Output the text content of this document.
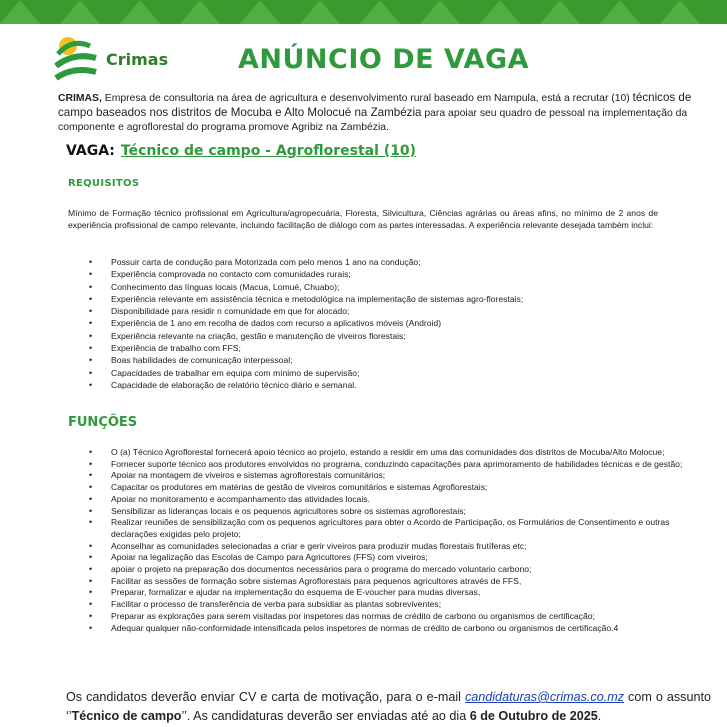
Crimas	ANÚNCIO DE VAGA
CRIMAS, Empresa de consultoria na área de agricultura e desenvolvimento rural baseado em Nampula, está a recrutar (10) técnicos de campo baseados nos distritos de Mocuba e Alto Molocué na Zambézia para apoiar seu quadro de pessoal na implementação da componente e agroflorestal do programa promove Agribiz na Zambézia.
VAGA: Técnico de campo - Agroflorestal (10)
REQUISITOS
Mínimo de Formação técnico profissional em Agricultura/agropecuária, Floresta, Silvicultura, Ciências agrárias ou áreas afins, no mínimo de 2 anos de experiência profissional de campo relevante, incluindo facilitação de diálogo com as partes interessadas. A experiência relevante desejada também inclui:
• Possuir carta de condução para Motorizada com pelo menos 1 ano na condução;
• Experiência comprovada no contacto com comunidades rurais;
• Conhecimento das línguas locais (Macua, Lomué, Chuabo);
• Experiência relevante em assistência técnica e metodológica na implementação de sistemas agro-florestais;
• Disponibilidade para residir n comunidade em que for alocado;
• Experiência de 1 ano em recolha de dados com recurso a aplicativos móveis (Android)
• Experiência relevante na criação, gestão e manutenção de viveiros florestais;
• Experiência de trabalho com FFS;
• Boas habilidades de comunicação interpessoal;
• Capacidades de trabalhar em equipa com mínimo de supervisão;
• Capacidade de elaboração de relatório técnico diário e semanal.
FUNÇÕES
• O (a) Técnico Agroflorestal fornecerá apoio técnico ao projeto, estando a residir em uma das comunidades dos distritos de Mocuba/Alto Molocue;
• Fornecer suporte técnico aos produtores envolvidos no programa, conduzindo capacitações para aprimoramento de habilidades técnicas e de gestão;
• Apoiar na montagem de viveiros e sistemas agroflorestais comunitários;
• Capacitar os produtores em matérias de gestão de viveiros comunitários e sistemas Agroflorestais;
• Apoiar no monitoramento e acompanhamento das atividades locais.
• Sensibilizar as lideranças locais e os pequenos agricultores sobre os sistemas agroflorestais;
• Realizar reuniões de sensibilização com os pequenos agricultores para obter o Acordo de Participação, os Formulários de Consentimento e outras declarações exigidas pelo projeto;
• Aconselhar as comunidades selecionadas a criar e gerir viveiros para produzir mudas florestais frutíferas etc;
• Apoiar na legalização das Escolas de Campo para Agricultores (FFS) com viveiros;
• apoiar o projeto na preparação dos documentos necessários para o programa do mercado voluntario carbono;
• Facilitar as sessões de formação sobre sistemas Agroflorestais para pequenos agricultores através de FFS,
• Preparar, formalizar e ajudar na implementação do esquema de E-voucher para mudas diversas,
• Facilitar o processo de transferência de verba para subsidiar as plantas sobreviventes;
• Preparar as explorações para serem visitadas por inspetores das normas de crédito de carbono ou organismos de certificação;
• Adequar qualquer não-conformidade intensificada pelos inspetores de normas de crédito de carbono ou organismos de certificação.4
Os candidatos deverão enviar CV e carta de motivação, para o e-mail candidaturas@crimas.co.mz com o assunto ‘’Técnico de campo’’. As candidaturas deverão ser enviadas até ao dia 6 de Outubro de 2025.
